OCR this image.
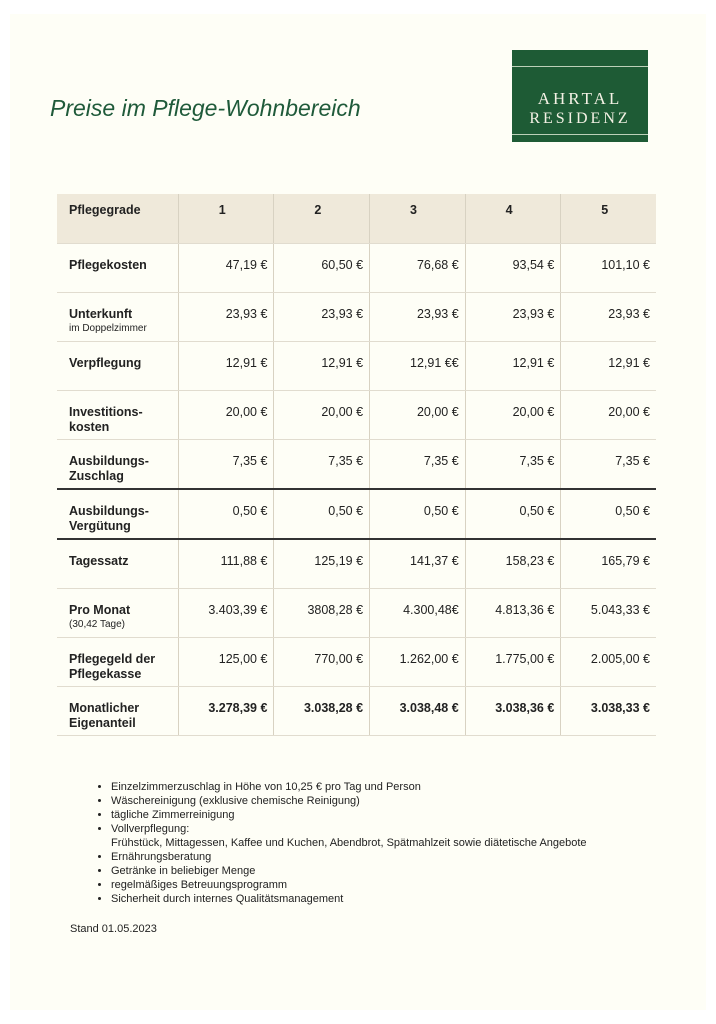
Preise im Pflege-Wohnbereich	AHRTAL
RESIDENZ
Pflegegrade	1	2	3	4	5

Pflegekosten	47,19 €	60,50 €	76,68 €	93,54 €	101,10 €

Unterkunft
im Doppelzimmer	23,93 €	23,93 €	23,93 €	23,93 €	23,93 €

Verpflegung	12,91 €	12,91 €	12,91 €€	12,91 €	12,91 €

Investitions-
kosten	20,00 €	20,00 €	20,00 €	20,00 €	20,00 €

Ausbildungs-
Zuschlag	7,35 €	7,35 €	7,35 €	7,35 €	7,35 €

Ausbildungs-
Vergütung	0,50 €	0,50 €	0,50 €	0,50 €	0,50 €

Tagessatz	111,88 €	125,19 €	141,37 €	158,23 €	165,79 €

Pro Monat
(30,42 Tage)	3.403,39 €	3808,28 €	4.300,48€	4.813,36 €	5.043,33 €

Pflegegeld der
Pflegekasse	125,00 €	770,00 €	1.262,00 €	1.775,00 €	2.005,00 €

Monatlicher
Eigenanteil	3.278,39 €	3.038,28 €	3.038,48 €	3.038,36 €	3.038,33 €
• Einzelzimmerzuschlag in Höhe von 10,25 € pro Tag und Person
• Wäschereinigung (exklusive chemische Reinigung)
• tägliche Zimmerreinigung
• Vollverpflegung:
Frühstück, Mittagessen, Kaffee und Kuchen, Abendbrot, Spätmahlzeit sowie diätetische Angebote
• Ernährungsberatung
• Getränke in beliebiger Menge
• regelmäßiges Betreuungsprogramm
• Sicherheit durch internes Qualitätsmanagement
Stand 01.05.2023
